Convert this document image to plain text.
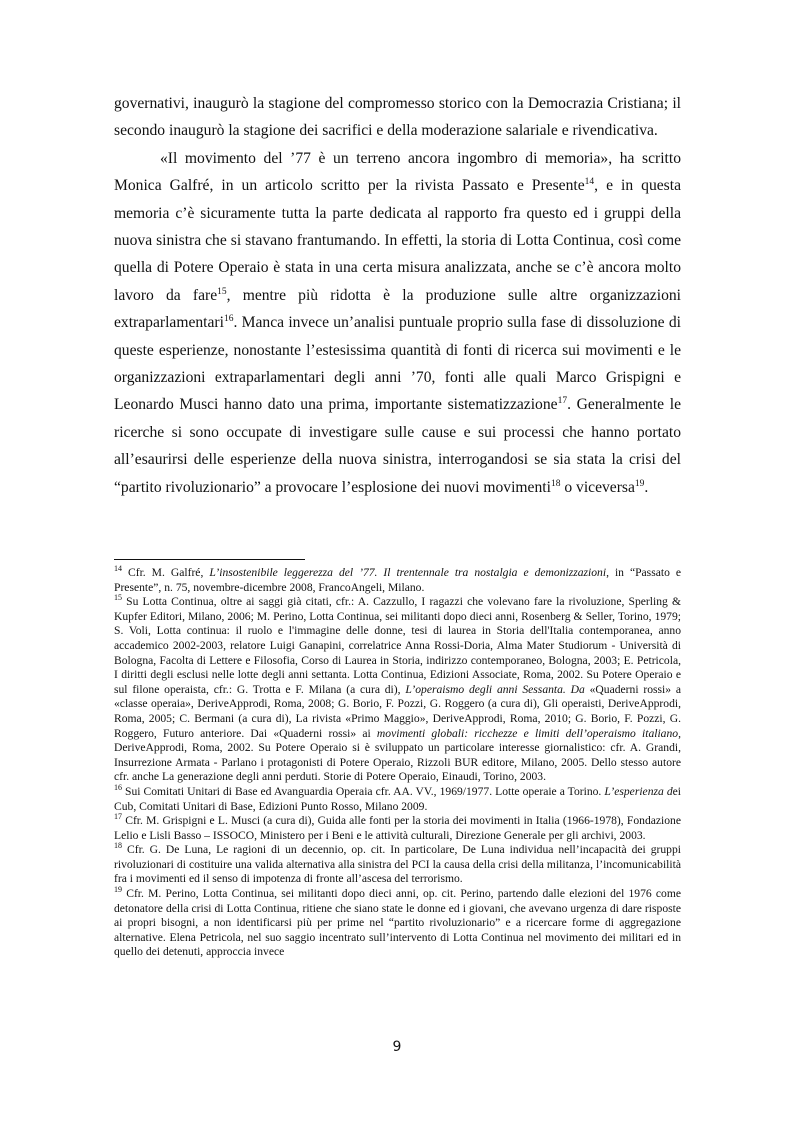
governativi, inaugurò la stagione del compromesso storico con la Democrazia Cristiana; il secondo inaugurò la stagione dei sacrifici e della moderazione salariale e rivendicativa.

«Il movimento del ’77 è un terreno ancora ingombro di memoria», ha scritto Monica Galfré, in un articolo scritto per la rivista Passato e Presente$^{14}$, e in questa memoria c’è sicuramente tutta la parte dedicata al rapporto fra questo ed i gruppi della nuova sinistra che si stavano frantumando. In effetti, la storia di Lotta Continua, così come quella di Potere Operaio è stata in una certa misura analizzata, anche se c’è ancora molto lavoro da fare$^{15}$, mentre più ridotta è la produzione sulle altre organizzazioni extraparlamentari$^{16}$. Manca invece un’analisi puntuale proprio sulla fase di dissoluzione di queste esperienze, nonostante l’estesissima quantità di fonti di ricerca sui movimenti e le organizzazioni extraparlamentari degli anni ’70, fonti alle quali Marco Grispigni e Leonardo Musci hanno dato una prima, importante sistematizzazione$^{17}$. Generalmente le ricerche si sono occupate di investigare sulle cause e sui processi che hanno portato all’esaurirsi delle esperienze della nuova sinistra, interrogandosi se sia stata la crisi del “partito rivoluzionario” a provocare l’esplosione dei nuovi movimenti$^{18}$ o viceversa$^{19}$.

$^{14}$ Cfr. M. Galfré, L’insostenibile leggerezza del ’77. Il trentennale tra nostalgia e demonizzazioni, in “Passato e Presente”, n. 75, novembre-dicembre 2008, FrancoAngeli, Milano.

$^{15}$ Su Lotta Continua, oltre ai saggi già citati, cfr.: A. Cazzullo, I ragazzi che volevano fare la rivoluzione, Sperling & Kupfer Editori, Milano, 2006; M. Perino, Lotta Continua, sei militanti dopo dieci anni, Rosenberg & Seller, Torino, 1979; S. Voli, Lotta continua: il ruolo e l'immagine delle donne, tesi di laurea in Storia dell'Italia contemporanea, anno accademico 2002-2003, relatore Luigi Ganapini, correlatrice Anna Rossi-Doria, Alma Mater Studiorum - Università di Bologna, Facolta di Lettere e Filosofia, Corso di Laurea in Storia, indirizzo contemporaneo, Bologna, 2003; E. Petricola, I diritti degli esclusi nelle lotte degli anni settanta. Lotta Continua, Edizioni Associate, Roma, 2002. Su Potere Operaio e sul filone operaista, cfr.: G. Trotta e F. Milana (a cura di), L’operaismo degli anni Sessanta. Da «Quaderni rossi» a «classe operaia», DeriveApprodi, Roma, 2008; G. Borio, F. Pozzi, G. Roggero (a cura di), Gli operaisti, DeriveApprodi, Roma, 2005; C. Bermani (a cura di), La rivista «Primo Maggio», DeriveApprodi, Roma, 2010; G. Borio, F. Pozzi, G. Roggero, Futuro anteriore. Dai «Quaderni rossi» ai movimenti globali: ricchezze e limiti dell’operaismo italiano, DeriveApprodi, Roma, 2002. Su Potere Operaio si è sviluppato un particolare interesse giornalistico: cfr. A. Grandi, Insurrezione Armata - Parlano i protagonisti di Potere Operaio, Rizzoli BUR editore, Milano, 2005. Dello stesso autore cfr. anche La generazione degli anni perduti. Storie di Potere Operaio, Einaudi, Torino, 2003.

$^{16}$ Sui Comitati Unitari di Base ed Avanguardia Operaia cfr. AA. VV., 1969/1977. Lotte operaie a Torino. L’esperienza dei Cub, Comitati Unitari di Base, Edizioni Punto Rosso, Milano 2009.

$^{17}$ Cfr. M. Grispigni e L. Musci (a cura di), Guida alle fonti per la storia dei movimenti in Italia (1966-1978), Fondazione Lelio e Lisli Basso – ISSOCO, Ministero per i Beni e le attività culturali, Direzione Generale per gli archivi, 2003.

$^{18}$ Cfr. G. De Luna, Le ragioni di un decennio, op. cit. In particolare, De Luna individua nell’incapacità dei gruppi rivoluzionari di costituire una valida alternativa alla sinistra del PCI la causa della crisi della militanza, l’incomunicabilità fra i movimenti ed il senso di impotenza di fronte all’ascesa del terrorismo.

$^{19}$ Cfr. M. Perino, Lotta Continua, sei militanti dopo dieci anni, op. cit. Perino, partendo dalle elezioni del 1976 come detonatore della crisi di Lotta Continua, ritiene che siano state le donne ed i giovani, che avevano urgenza di dare risposte ai propri bisogni, a non identificarsi più per prime nel “partito rivoluzionario” e a ricercare forme di aggregazione alternative. Elena Petricola, nel suo saggio incentrato sull’intervento di Lotta Continua nel movimento dei militari ed in quello dei detenuti, approccia invece

9
